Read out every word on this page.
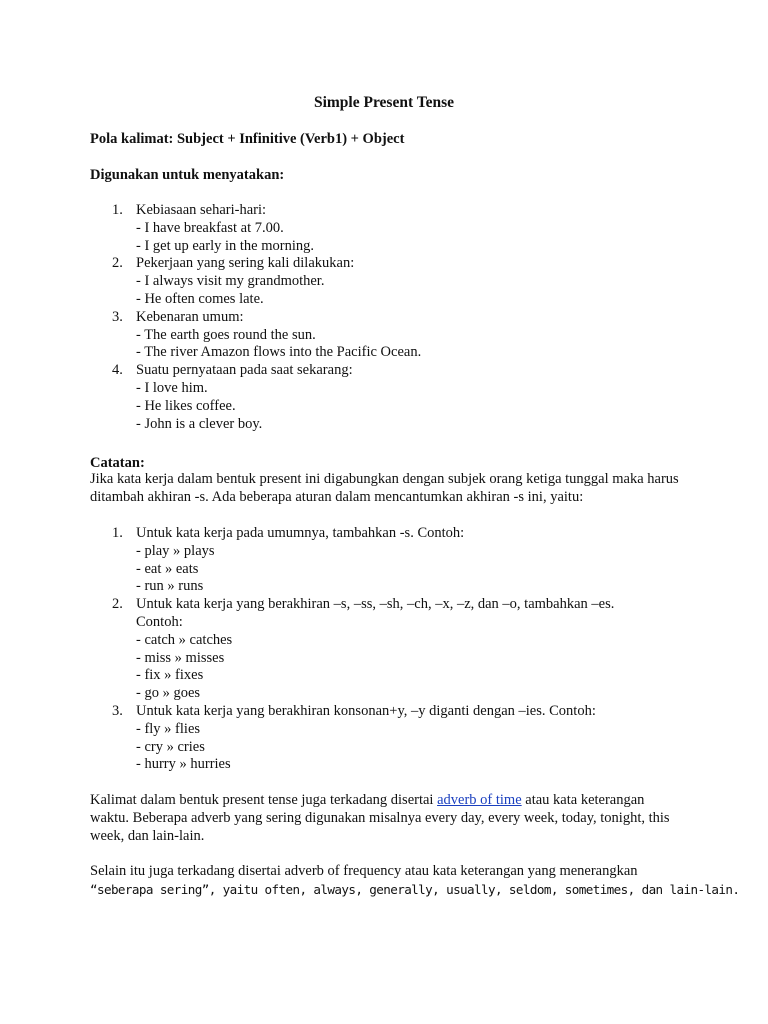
Simple Present Tense
Pola kalimat: Subject + Infinitive (Verb1) + Object
Digunakan untuk menyatakan:
1. Kebiasaan sehari-hari:
- I have breakfast at 7.00.
- I get up early in the morning.
2. Pekerjaan yang sering kali dilakukan:
- I always visit my grandmother.
- He often comes late.
3. Kebenaran umum:
- The earth goes round the sun.
- The river Amazon flows into the Pacific Ocean.
4. Suatu pernyataan pada saat sekarang:
- I love him.
- He likes coffee.
- John is a clever boy.
Catatan:
Jika kata kerja dalam bentuk present ini digabungkan dengan subjek orang ketiga tunggal maka harus ditambah akhiran -s. Ada beberapa aturan dalam mencantumkan akhiran -s ini, yaitu:
1. Untuk kata kerja pada umumnya, tambahkan -s. Contoh:
- play » plays
- eat » eats
- run » runs
2. Untuk kata kerja yang berakhiran –s, –ss, –sh, –ch, –x, –z, dan –o, tambahkan –es. Contoh:
- catch » catches
- miss » misses
- fix » fixes
- go » goes
3. Untuk kata kerja yang berakhiran konsonan+y, –y diganti dengan –ies. Contoh:
- fly » flies
- cry » cries
- hurry » hurries
Kalimat dalam bentuk present tense juga terkadang disertai adverb of time atau kata keterangan waktu. Beberapa adverb yang sering digunakan misalnya every day, every week, today, tonight, this week, dan lain-lain.
Selain itu juga terkadang disertai adverb of frequency atau kata keterangan yang menerangkan
“seberapa sering”, yaitu often, always, generally, usually, seldom, sometimes, dan lain-lain.
